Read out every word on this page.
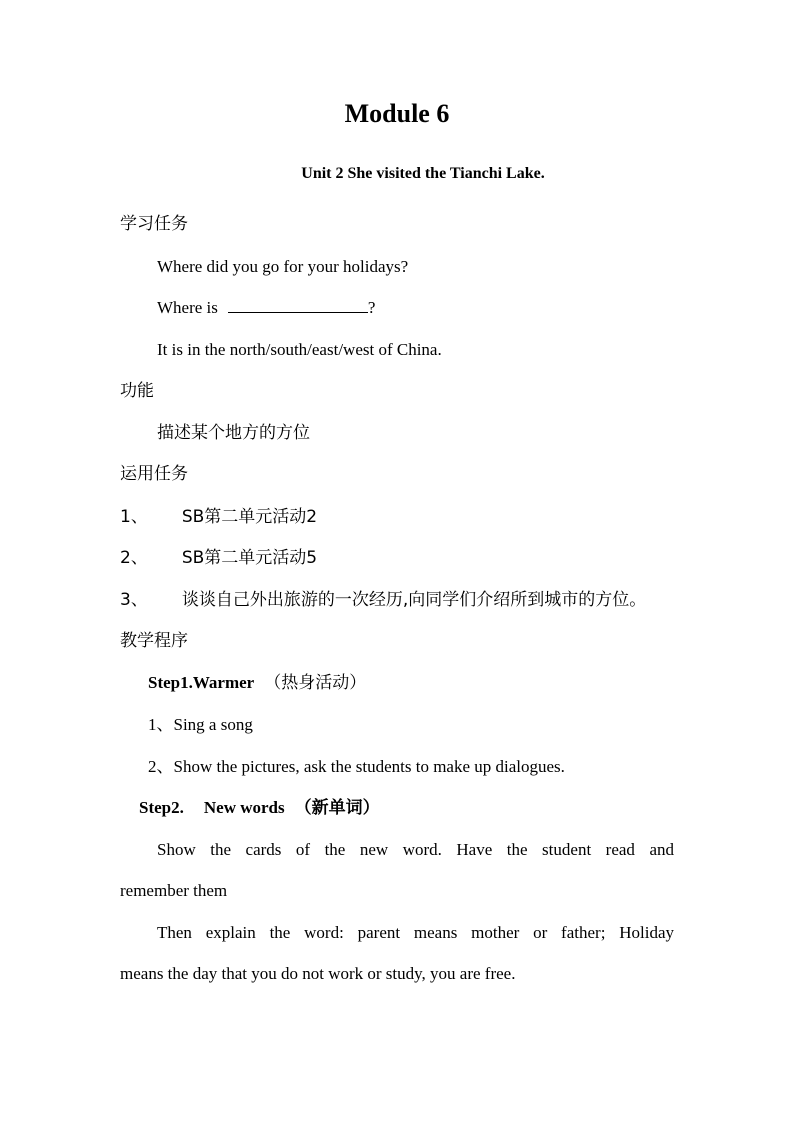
Module 6
Unit 2 She visited the Tianchi Lake.
学习任务
Where did you go for your holidays?
Where is	?
It is in the north/south/east/west of China.
功能
描述某个地方的方位
运用任务
1、 SB第二单元活动2
2、 SB第二单元活动5
3、 谈谈自己外出旅游的一次经历,向同学们介绍所到城市的方位。
教学程序
Step1.Warmer （热身活动）
1、Sing a song
2、Show the pictures, ask the students to make up dialogues.
Step2. New words （新单词）
Show the cards of the new word. Have the student read and
remember them
Then explain the word: parent means mother or father; Holiday
means the day that you do not work or study, you are free.
